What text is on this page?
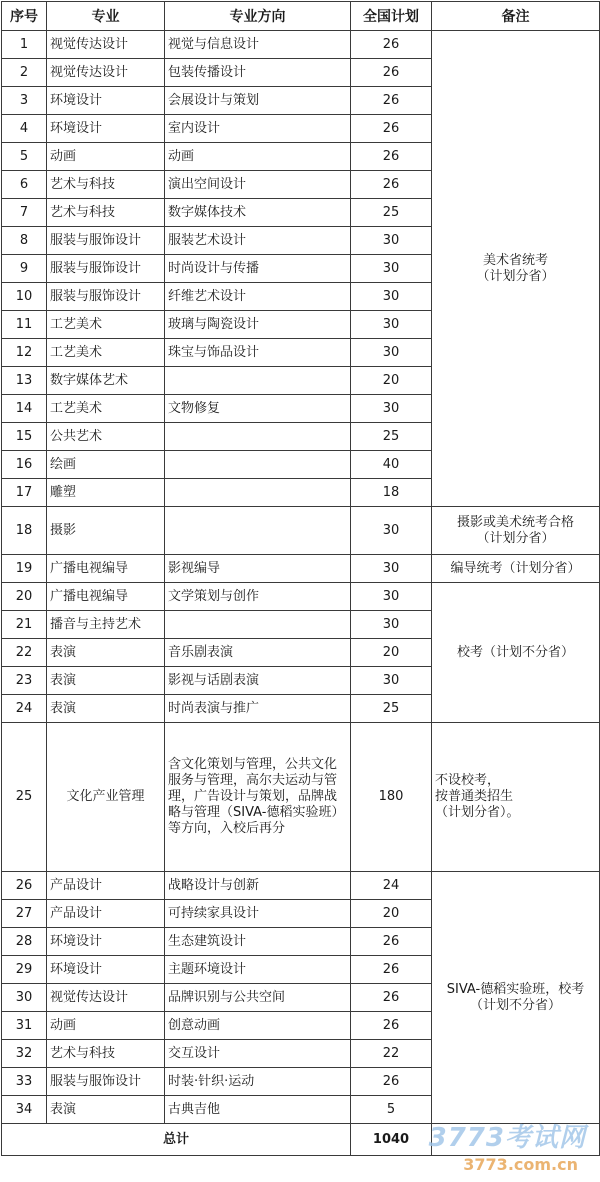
序号	专业	专业方向	全国计划	备注
1	视觉传达设计	视觉与信息设计	26	美术省统考
（计划分省）

2	视觉传达设计	包装传播设计	26	
3	环境设计	会展设计与策划	26	
4	环境设计	室内设计	26	
5	动画	动画	26	
6	艺术与科技	演出空间设计	26	
7	艺术与科技	数字媒体技术	25	
8	服装与服饰设计	服装艺术设计	30	
9	服装与服饰设计	时尚设计与传播	30	
10	服装与服饰设计	纤维艺术设计	30	
11	工艺美术	玻璃与陶瓷设计	30	
12	工艺美术	珠宝与饰品设计	30	
13	数字媒体艺术		20	
14	工艺美术	文物修复	30	
15	公共艺术		25	
16	绘画		40	
17	雕塑		18	
18	摄影		30	摄影或美术统考合格
（计划分省）

19	广播电视编导	影视编导	30	编导统考（计划分省）
20	广播电视编导	文学策划与创作	30	校考（计划不分省）
21	播音与主持艺术		30	
22	表演	音乐剧表演	20	
23	表演	影视与话剧表演	30	
24	表演	时尚表演与推广	25	
25	文化产业管理	含文化策划与管理，公共文化服务与管理，高尔夫运动与管理，广告设计与策划，品牌战略与管理（SIVA-德稻实验班）等方向，入校后再分	180	不设校考，
按普通类招生
（计划分省）。

26	产品设计	战略设计与创新	24	SIVA-德稻实验班，校考
（计划不分省）

27	产品设计	可持续家具设计	20	
28	环境设计	生态建筑设计	26	
29	环境设计	主题环境设计	26	
30	视觉传达设计	品牌识别与公共空间	26	
31	动画	创意动画	26	
32	艺术与科技	交互设计	22	
33	服装与服饰设计	时装·针织·运动	26	
34	表演	古典吉他	5	
总计			1040	3773考试网
3773.com.cn
